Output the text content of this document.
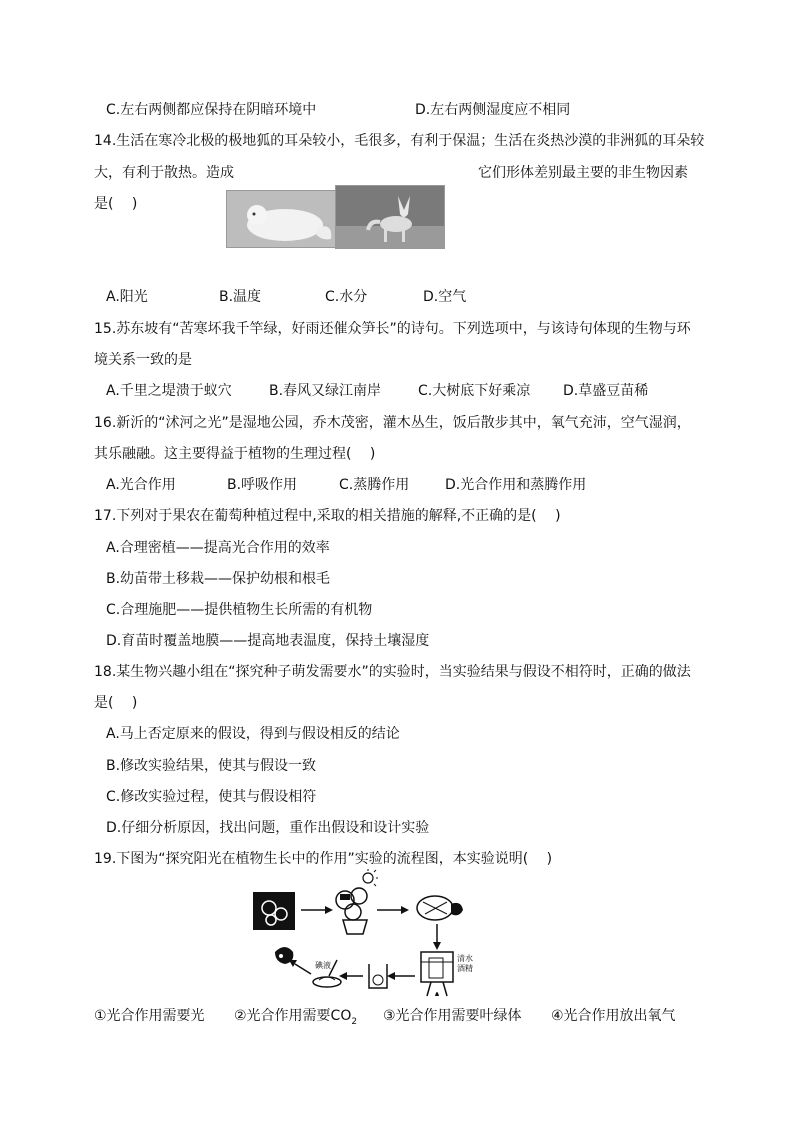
C.左右两侧都应保持在阴暗环境中	D.左右两侧湿度应不相同
14.生活在寒冷北极的极地狐的耳朵较小，毛很多，有利于保温；生活在炎热沙漠的非洲狐的耳朵较
大，有利于散热。造成	它们形体差别最主要的非生物因素
是(　 )
A.阳光	B.温度	C.水分	D.空气
15.苏东坡有“苦寒坏我千竿绿，好雨还催众笋长”的诗句。下列选项中，与该诗句体现的生物与环
境关系一致的是
A.千里之堤溃于蚁穴	B.春风又绿江南岸	C.大树底下好乘凉 D.草盛豆苗稀
16.新沂的“沭河之光”是湿地公园，乔木茂密，灌木丛生，饭后散步其中，氧气充沛，空气湿润，
其乐融融。这主要得益于植物的生理过程(　 )
A.光合作用	B.呼吸作用	C.蒸腾作用	D.光合作用和蒸腾作用
17.下列对于果农在葡萄种植过程中,采取的相关措施的解释,不正确的是(　 )
A.合理密植——提高光合作用的效率
B.幼苗带土移栽——保护幼根和根毛
C.合理施肥——提供植物生长所需的有机物
D.育苗时覆盖地膜——提高地表温度，保持土壤湿度
18.某生物兴趣小组在“探究种子萌发需要水”的实验时，当实验结果与假设不相符时，正确的做法
是(　 )
A.马上否定原来的假设，得到与假设相反的结论
B.修改实验结果，使其与假设一致
C.修改实验过程，使其与假设相符
D.仔细分析原因，找出问题，重作出假设和设计实验
19.下图为“探究阳光在植物生长中的作用”实验的流程图，本实验说明(　 )
清水
酒精
碘液
①光合作用需要光 ②光合作用需要$CO_2$ ③光合作用需要叶绿体 ④光合作用放出氧气
